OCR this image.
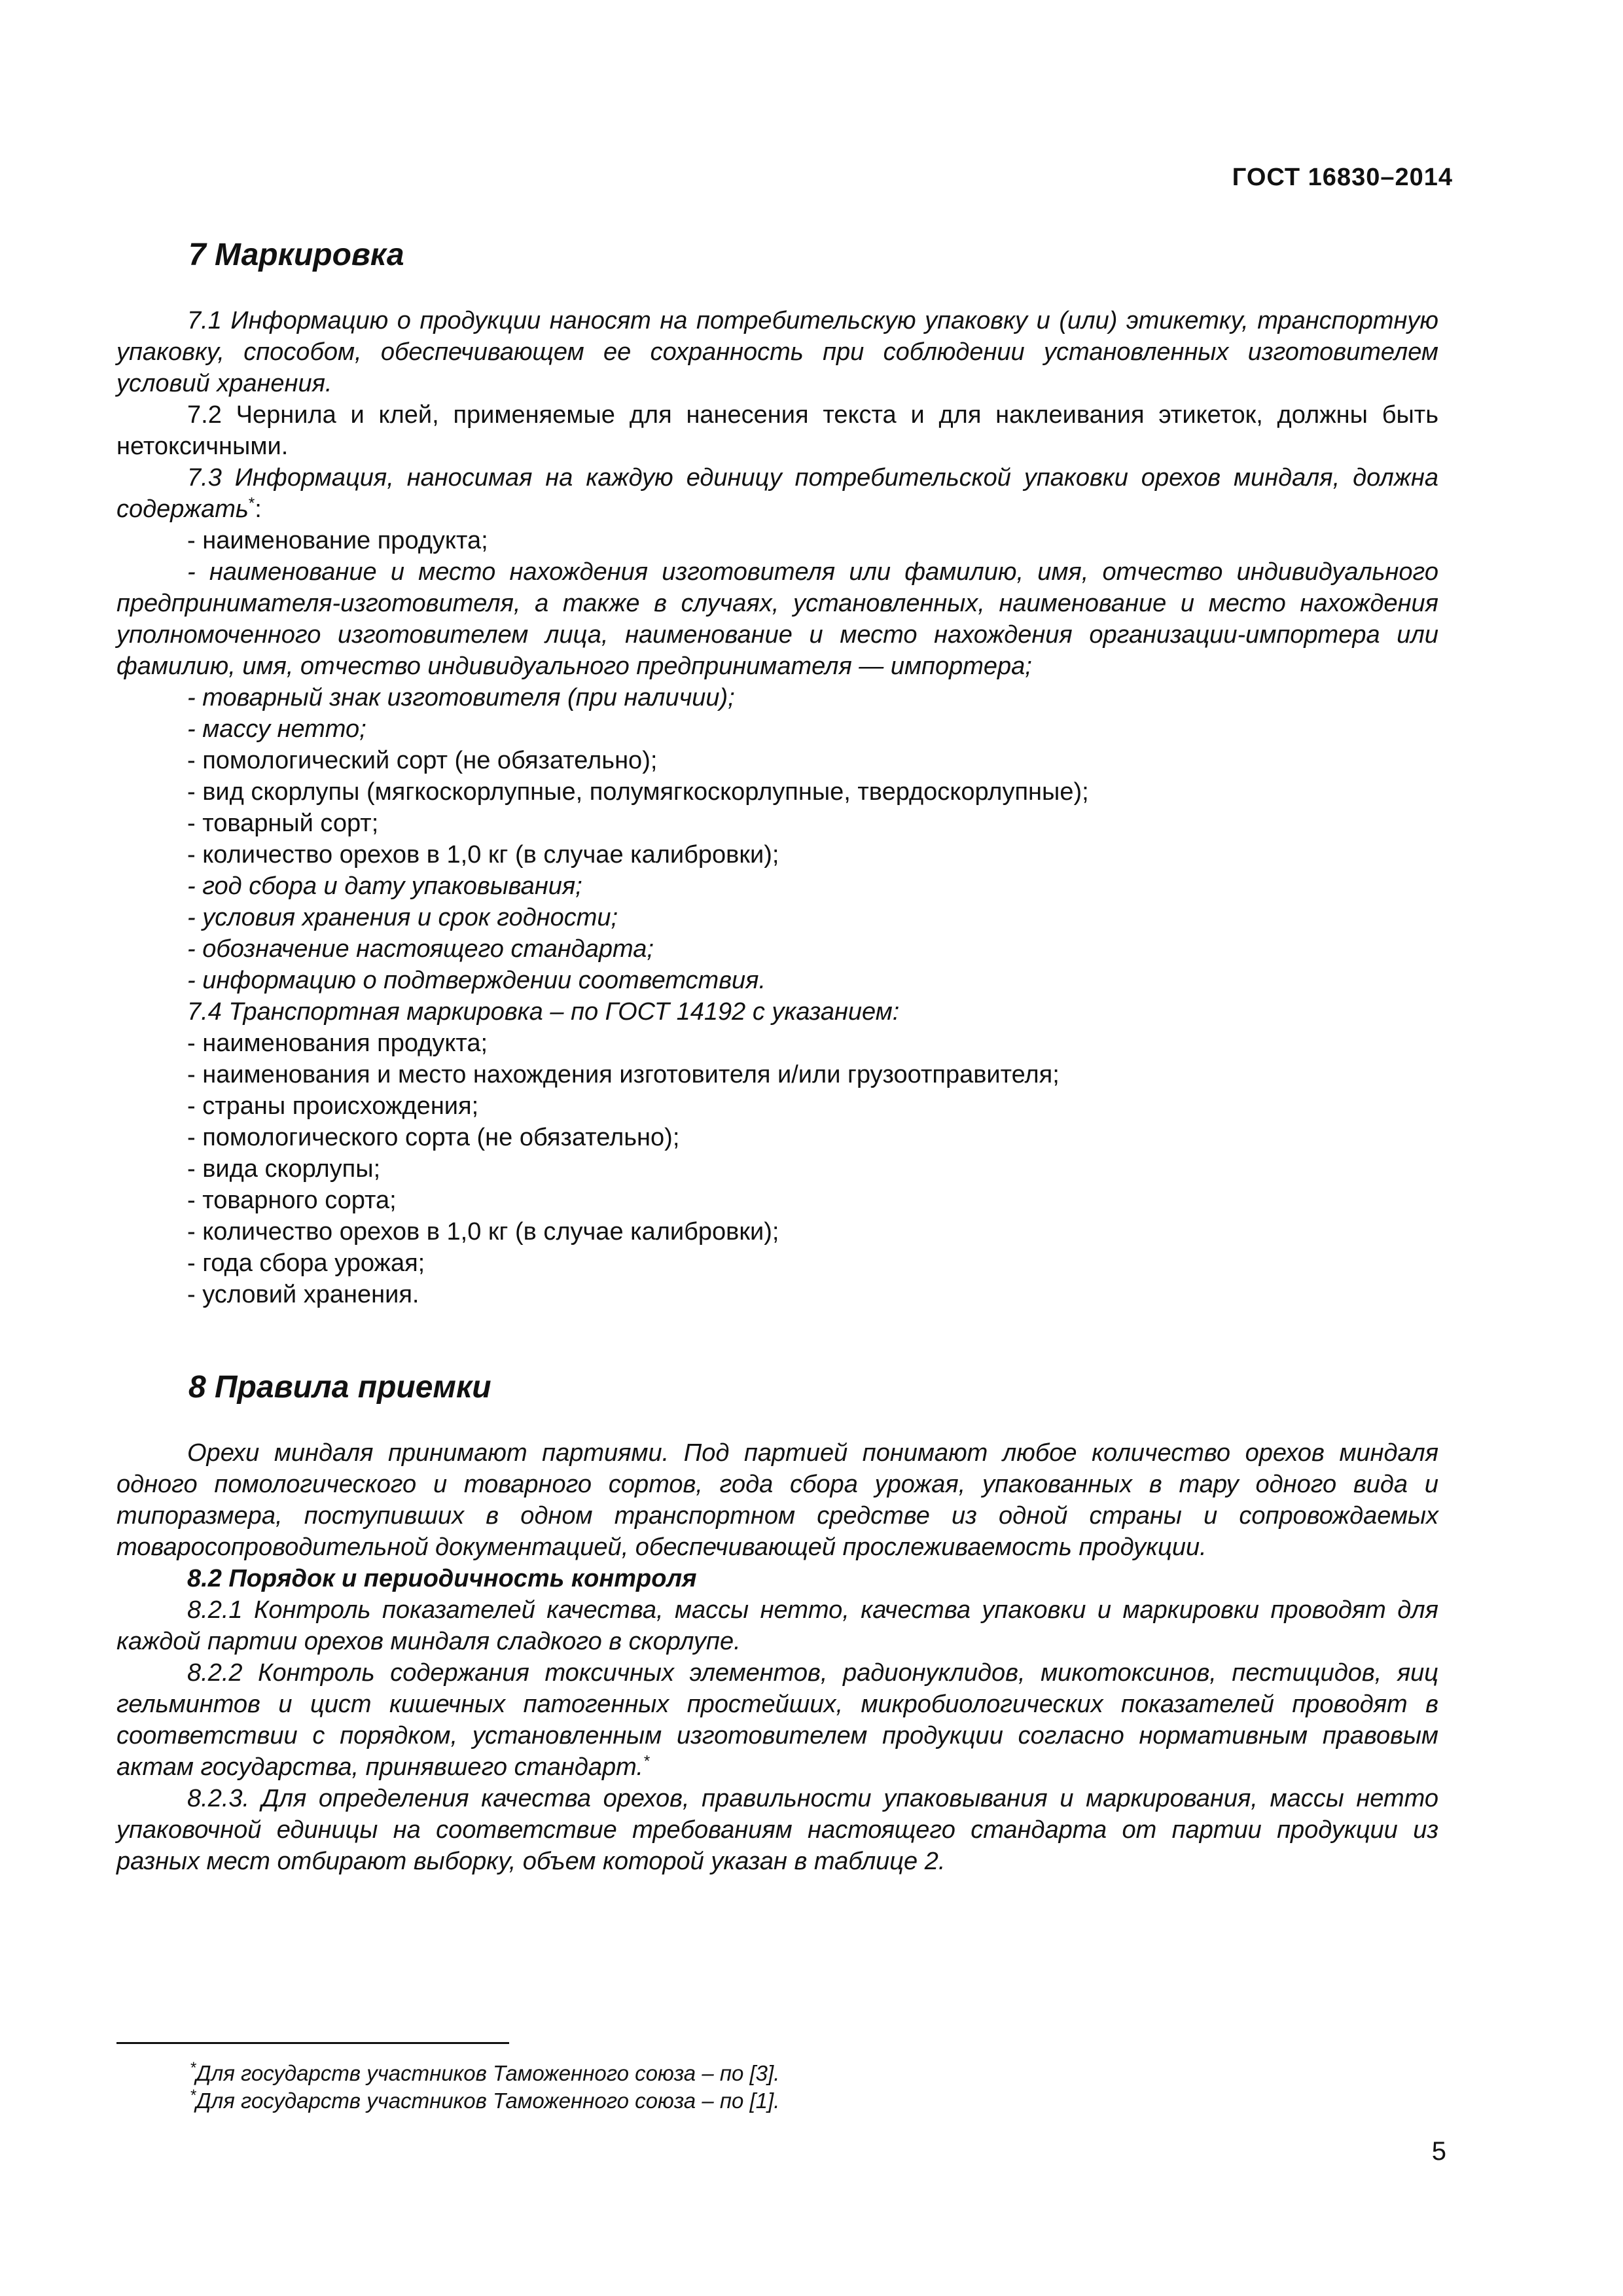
ГОСТ 16830–2014
7 Маркировка

7.1 Информацию о продукции наносят на потребительскую упаковку и (или) этикетку, транспортную упаковку, способом, обеспечивающем ее сохранность при соблюдении установленных изготовителем условий хранения.

7.2 Чернила и клей, применяемые для нанесения текста и для наклеивания этикеток, должны быть нетоксичными.

7.3 Информация, наносимая на каждую единицу потребительской упаковки орехов миндаля, должна содержать*:

- наименование продукта;

- наименование и место нахождения изготовителя или фамилию, имя, отчество индивидуального предпринимателя-изготовителя, а также в случаях, установленных, наименование и место нахождения уполномоченного изготовителем лица, наименование и место нахождения организации-импортера или фамилию, имя, отчество индивидуального предпринимателя — импортера;

- товарный знак изготовителя (при наличии);

- массу нетто;

- помологический сорт (не обязательно);

- вид скорлупы (мягкоскорлупные, полумягкоскорлупные, твердоскорлупные);

- товарный сорт;

- количество орехов в 1,0 кг (в случае калибровки);

- год сбора и дату упаковывания;

- условия хранения и срок годности;

- обозначение настоящего стандарта;

- информацию о подтверждении соответствия.

7.4 Транспортная маркировка – по ГОСТ 14192 с указанием:

- наименования продукта;

- наименования и место нахождения изготовителя и/или грузоотправителя;

- страны происхождения;

- помологического сорта (не обязательно);

- вида скорлупы;

- товарного сорта;

- количество орехов в 1,0 кг (в случае калибровки);

- года сбора урожая;

- условий хранения.

8 Правила приемки

Орехи миндаля принимают партиями. Под партией понимают любое количество орехов миндаля одного помологического и товарного сортов, года сбора урожая, упакованных в тару одного вида и типоразмера, поступивших в одном транспортном средстве из одной страны и сопровождаемых товаросопроводительной документацией, обеспечивающей прослеживаемость продукции.

8.2 Порядок и периодичность контроля

8.2.1 Контроль показателей качества, массы нетто, качества упаковки и маркировки проводят для каждой партии орехов миндаля сладкого в скорлупе.

8.2.2 Контроль содержания токсичных элементов, радионуклидов, микотоксинов, пестицидов, яиц гельминтов и цист кишечных патогенных простейших, микробиологических показателей проводят в соответствии с порядком, установленным изготовителем продукции согласно нормативным правовым актам государства, принявшего стандарт.*

8.2.3. Для определения качества орехов, правильности упаковывания и маркирования, массы нетто упаковочной единицы на соответствие требованиям настоящего стандарта от партии продукции из разных мест отбирают выборку, объем которой указан в таблице 2.

*Для государств участников Таможенного союза – по [3].
*Для государств участников Таможенного союза – по [1].
5
